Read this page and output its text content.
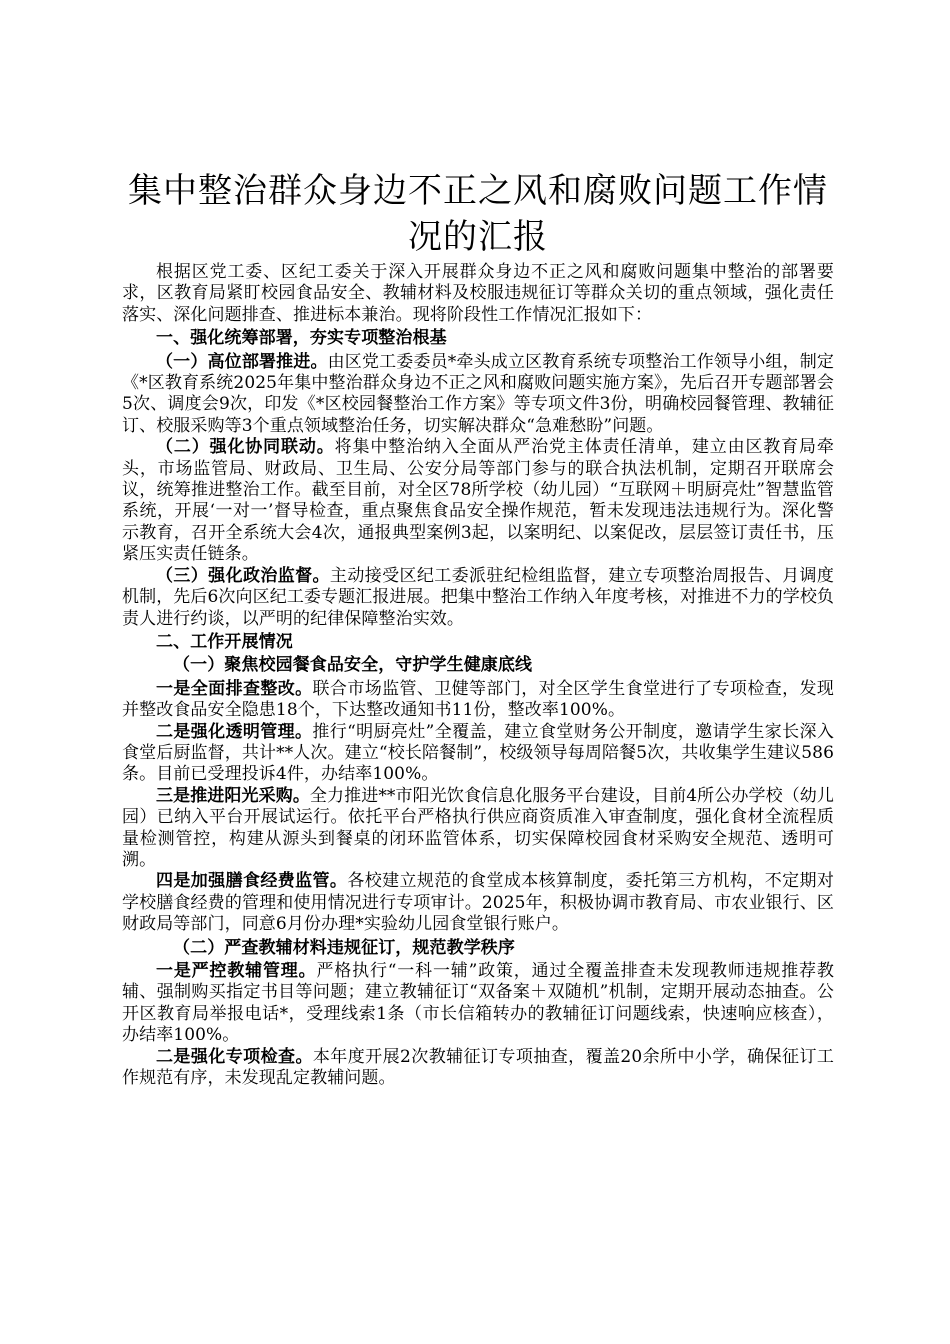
集中整治群众身边不正之风和腐败问题工作情况的汇报

根据区党工委、区纪工委关于深入开展群众身边不正之风和腐败问题集中整治的部署要求，区教育局紧盯校园食品安全、教辅材料及校服违规征订等群众关切的重点领域，强化责任落实、深化问题排查、推进标本兼治。现将阶段性工作情况汇报如下：

一、强化统筹部署，夯实专项整治根基

（一）高位部署推进。由区党工委委员*牵头成立区教育系统专项整治工作领导小组，制定《*区教育系统2025年集中整治群众身边不正之风和腐败问题实施方案》，先后召开专题部署会5次、调度会9次，印发《*区校园餐整治工作方案》等专项文件3份，明确校园餐管理、教辅征订、校服采购等3个重点领域整治任务，切实解决群众“急难愁盼”问题。

（二）强化协同联动。将集中整治纳入全面从严治党主体责任清单，建立由区教育局牵头，市场监管局、财政局、卫生局、公安分局等部门参与的联合执法机制，定期召开联席会议，统筹推进整治工作。截至目前，对全区78所学校（幼儿园）“互联网＋明厨亮灶”智慧监管系统，开展‘一对一’督导检查，重点聚焦食品安全操作规范，暂未发现违法违规行为。深化警示教育，召开全系统大会4次，通报典型案例3起，以案明纪、以案促改，层层签订责任书，压紧压实责任链条。

（三）强化政治监督。主动接受区纪工委派驻纪检组监督，建立专项整治周报告、月调度机制，先后6次向区纪工委专题汇报进展。把集中整治工作纳入年度考核，对推进不力的学校负责人进行约谈，以严明的纪律保障整治实效。

二、工作开展情况

（一）聚焦校园餐食品安全，守护学生健康底线

一是全面排查整改。联合市场监管、卫健等部门，对全区学生食堂进行了专项检查，发现并整改食品安全隐患18个，下达整改通知书11份，整改率100%。

二是强化透明管理。推行“明厨亮灶”全覆盖，建立食堂财务公开制度，邀请学生家长深入食堂后厨监督，共计**人次。建立“校长陪餐制”，校级领导每周陪餐5次，共收集学生建议586条。目前已受理投诉4件，办结率100%。

三是推进阳光采购。全力推进**市阳光饮食信息化服务平台建设，目前4所公办学校（幼儿园）已纳入平台开展试运行。依托平台严格执行供应商资质准入审查制度，强化食材全流程质量检测管控，构建从源头到餐桌的闭环监管体系，切实保障校园食材采购安全规范、透明可溯。

四是加强膳食经费监管。各校建立规范的食堂成本核算制度，委托第三方机构，不定期对学校膳食经费的管理和使用情况进行专项审计。2025年，积极协调市教育局、市农业银行、区财政局等部门，同意6月份办理*实验幼儿园食堂银行账户。

（二）严查教辅材料违规征订，规范教学秩序

一是严控教辅管理。严格执行“一科一辅”政策，通过全覆盖排查未发现教师违规推荐教辅、强制购买指定书目等问题；建立教辅征订“双备案＋双随机”机制，定期开展动态抽查。公开区教育局举报电话*，受理线索1条（市长信箱转办的教辅征订问题线索，快速响应核查），办结率100%。

二是强化专项检查。本年度开展2次教辅征订专项抽查，覆盖20余所中小学，确保征订工作规范有序，未发现乱定教辅问题。
